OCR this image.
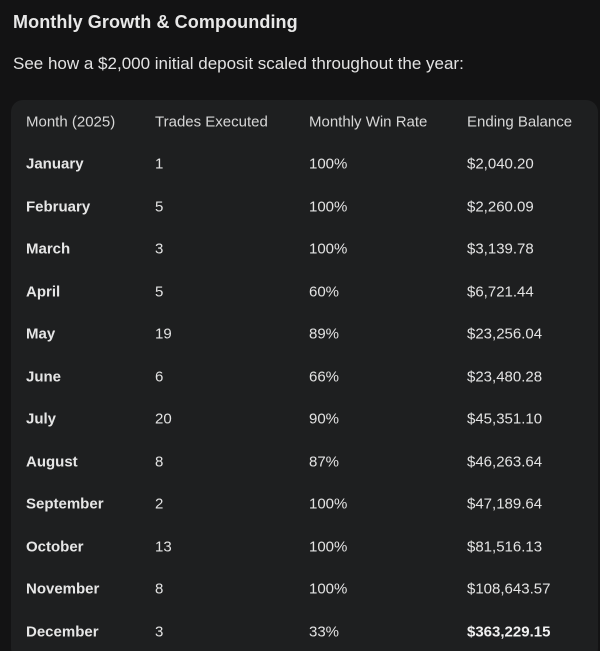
Monthly Growth & Compounding
See how a $2,000 initial deposit scaled throughout the year:
Month (2025)	Trades Executed	Monthly Win Rate	Ending Balance
January	1	100%	$2,040.20
February	5	100%	$2,260.09
March	3	100%	$3,139.78
April	5	60%	$6,721.44
May	19	89%	$23,256.04
June	6	66%	$23,480.28
July	20	90%	$45,351.10
August	8	87%	$46,263.64
September	2	100%	$47,189.64
October	13	100%	$81,516.13
November	8	100%	$108,643.57
December	3	33%	$363,229.15
